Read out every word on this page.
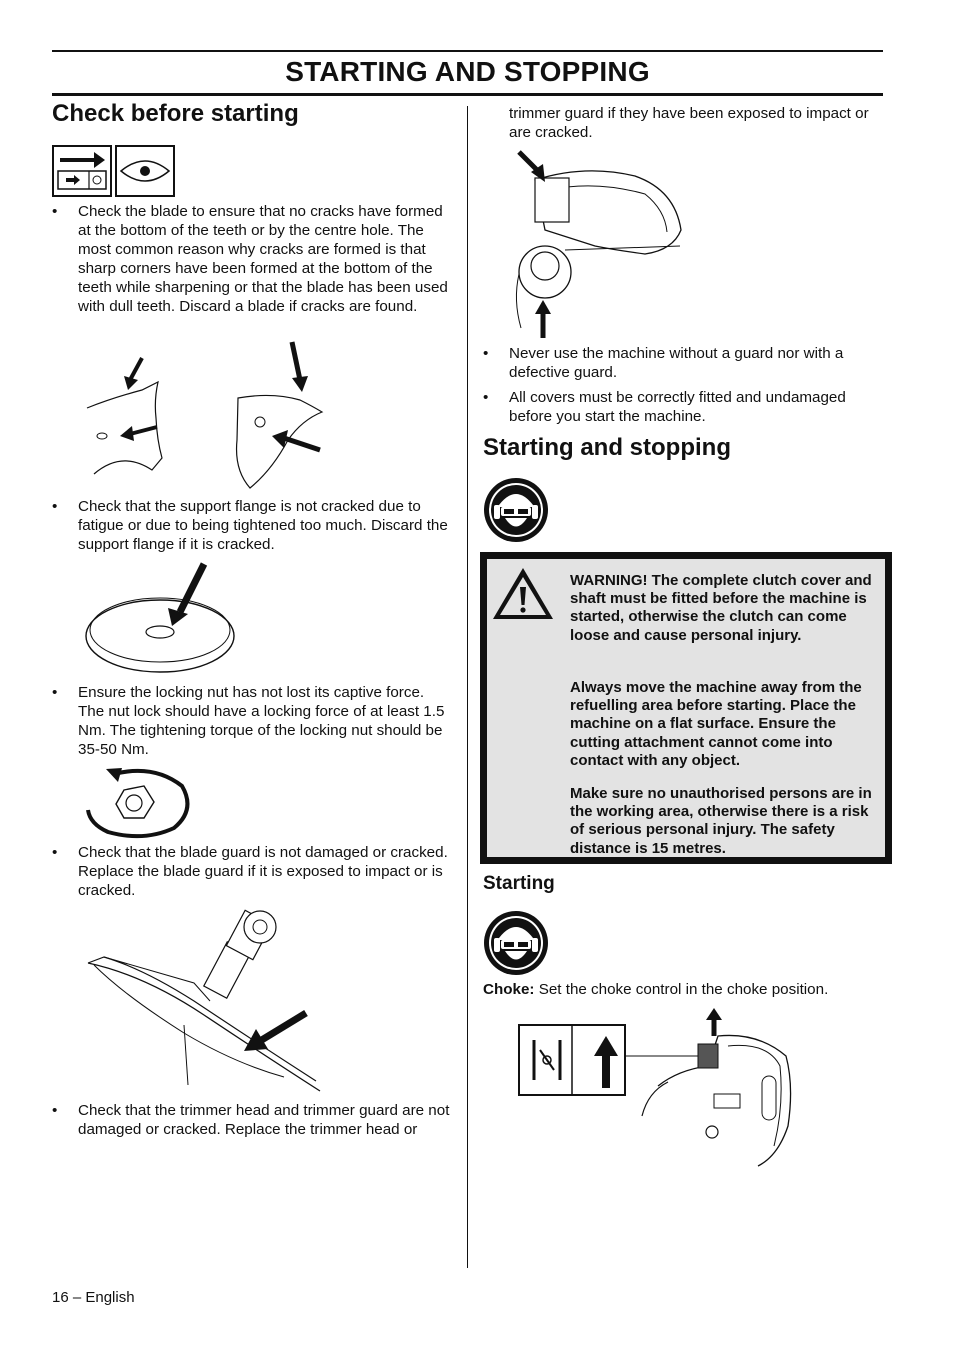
STARTING AND STOPPING
Check before starting
• Check the blade to ensure that no cracks have formed at the bottom of the teeth or by the centre hole. The most common reason why cracks are formed is that sharp corners have been formed at the bottom of the teeth while sharpening or that the blade has been used with dull teeth. Discard a blade if cracks are found.
• Check that the support flange is not cracked due to fatigue or due to being tightened too much. Discard the support flange if it is cracked.
• Ensure the locking nut has not lost its captive force. The nut lock should have a locking force of at least 1.5 Nm. The tightening torque of the locking nut should be 35-50 Nm.
• Check that the blade guard is not damaged or cracked. Replace the blade guard if it is exposed to impact or is cracked.
• Check that the trimmer head and trimmer guard are not damaged or cracked. Replace the trimmer head or
16 – English
trimmer guard if they have been exposed to impact or are cracked.
• Never use the machine without a guard nor with a defective guard.
• All covers must be correctly fitted and undamaged before you start the machine.
Starting and stopping
WARNING! The complete clutch cover and shaft must be fitted before the machine is started, otherwise the clutch can come loose and cause personal injury.
Always move the machine away from the refuelling area before starting. Place the machine on a flat surface. Ensure the cutting attachment cannot come into contact with any object.
Make sure no unauthorised persons are in the working area, otherwise there is a risk of serious personal injury. The safety distance is 15 metres.
Starting
Choke: Set the choke control in the choke position.
